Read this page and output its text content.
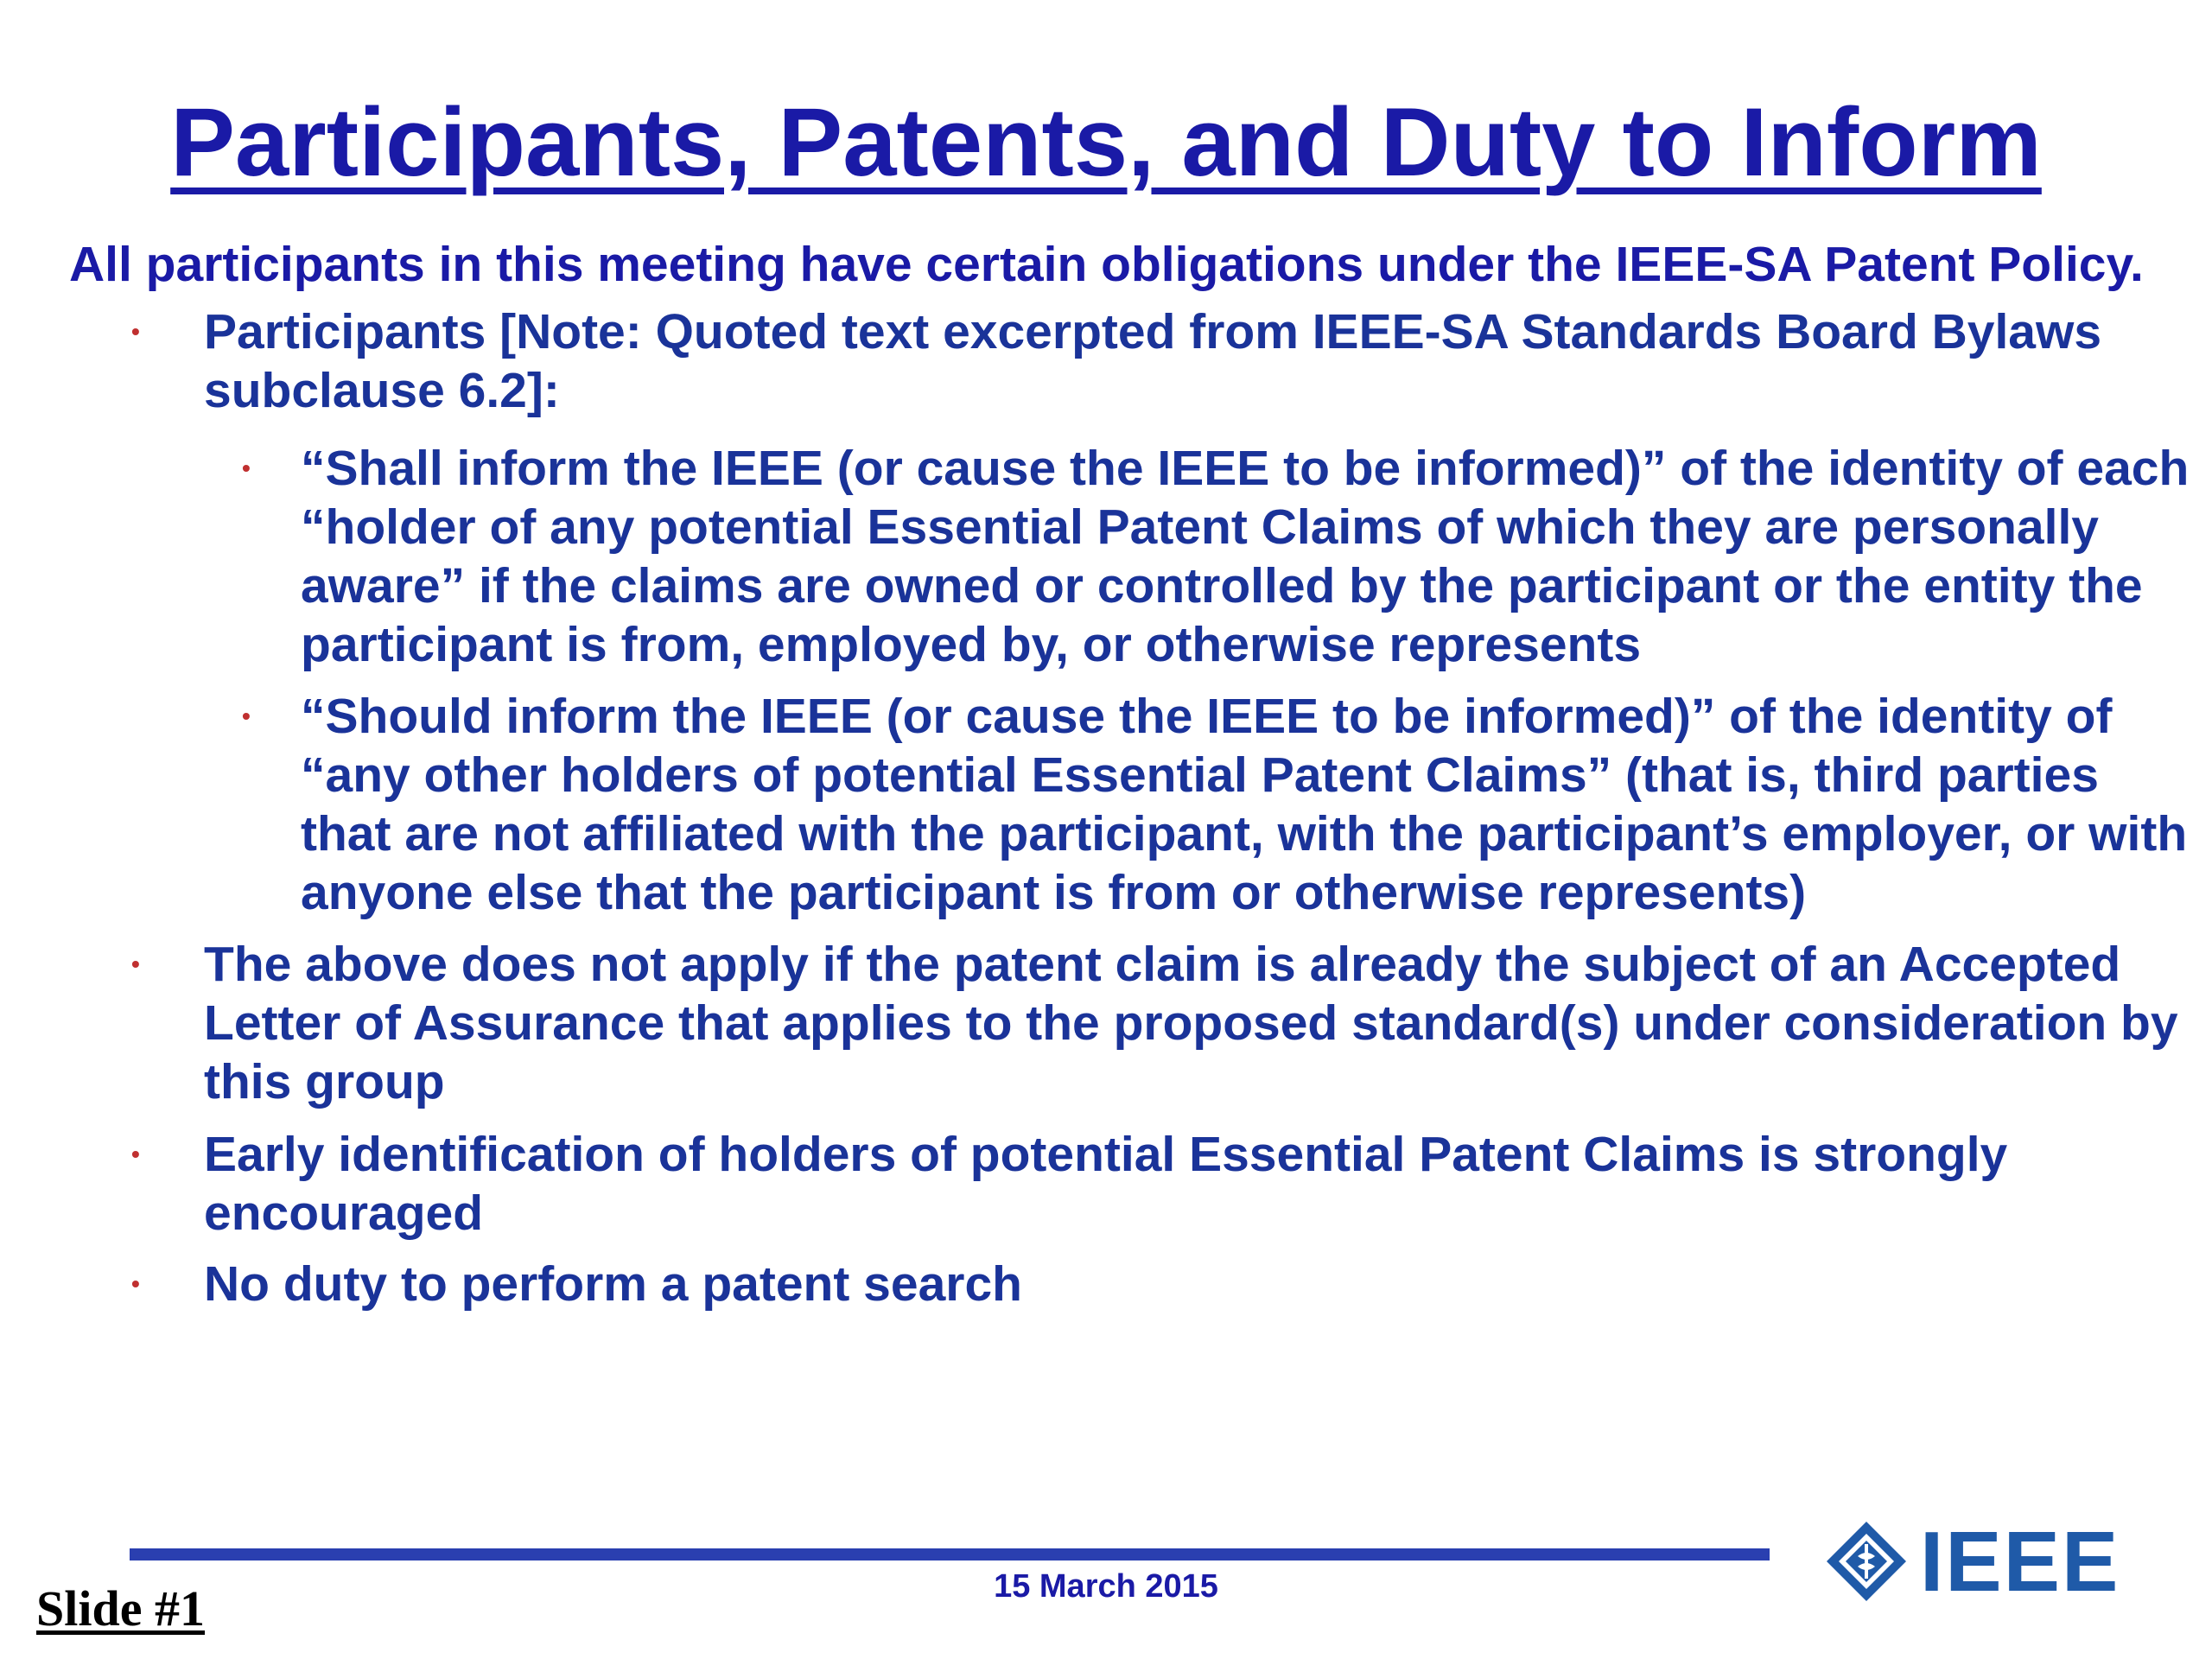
Participants, Patents, and Duty to Inform

All participants in this meeting have certain obligations under the IEEE-SA Patent Policy.

• Participants [Note: Quoted text excerpted from IEEE-SA Standards Board Bylaws subclause 6.2]:
• “Shall inform the IEEE (or cause the IEEE to be informed)” of the identity of each “holder of any potential Essential Patent Claims of which they are personally aware” if the claims are owned or controlled by the participant or the entity the participant is from, employed by, or otherwise represents
• “Should inform the IEEE (or cause the IEEE to be informed)” of the identity of “any other holders of potential Essential Patent Claims” (that is, third parties that are not affiliated with the participant, with the participant’s employer, or with anyone else that the participant is from or otherwise represents)
• The above does not apply if the patent claim is already the subject of an Accepted Letter of Assurance that applies to the proposed standard(s) under consideration by this group
• Early identification of holders of potential Essential Patent Claims is strongly encouraged
• No duty to perform a patent search
15 March 2015
Slide #1	IEEE
